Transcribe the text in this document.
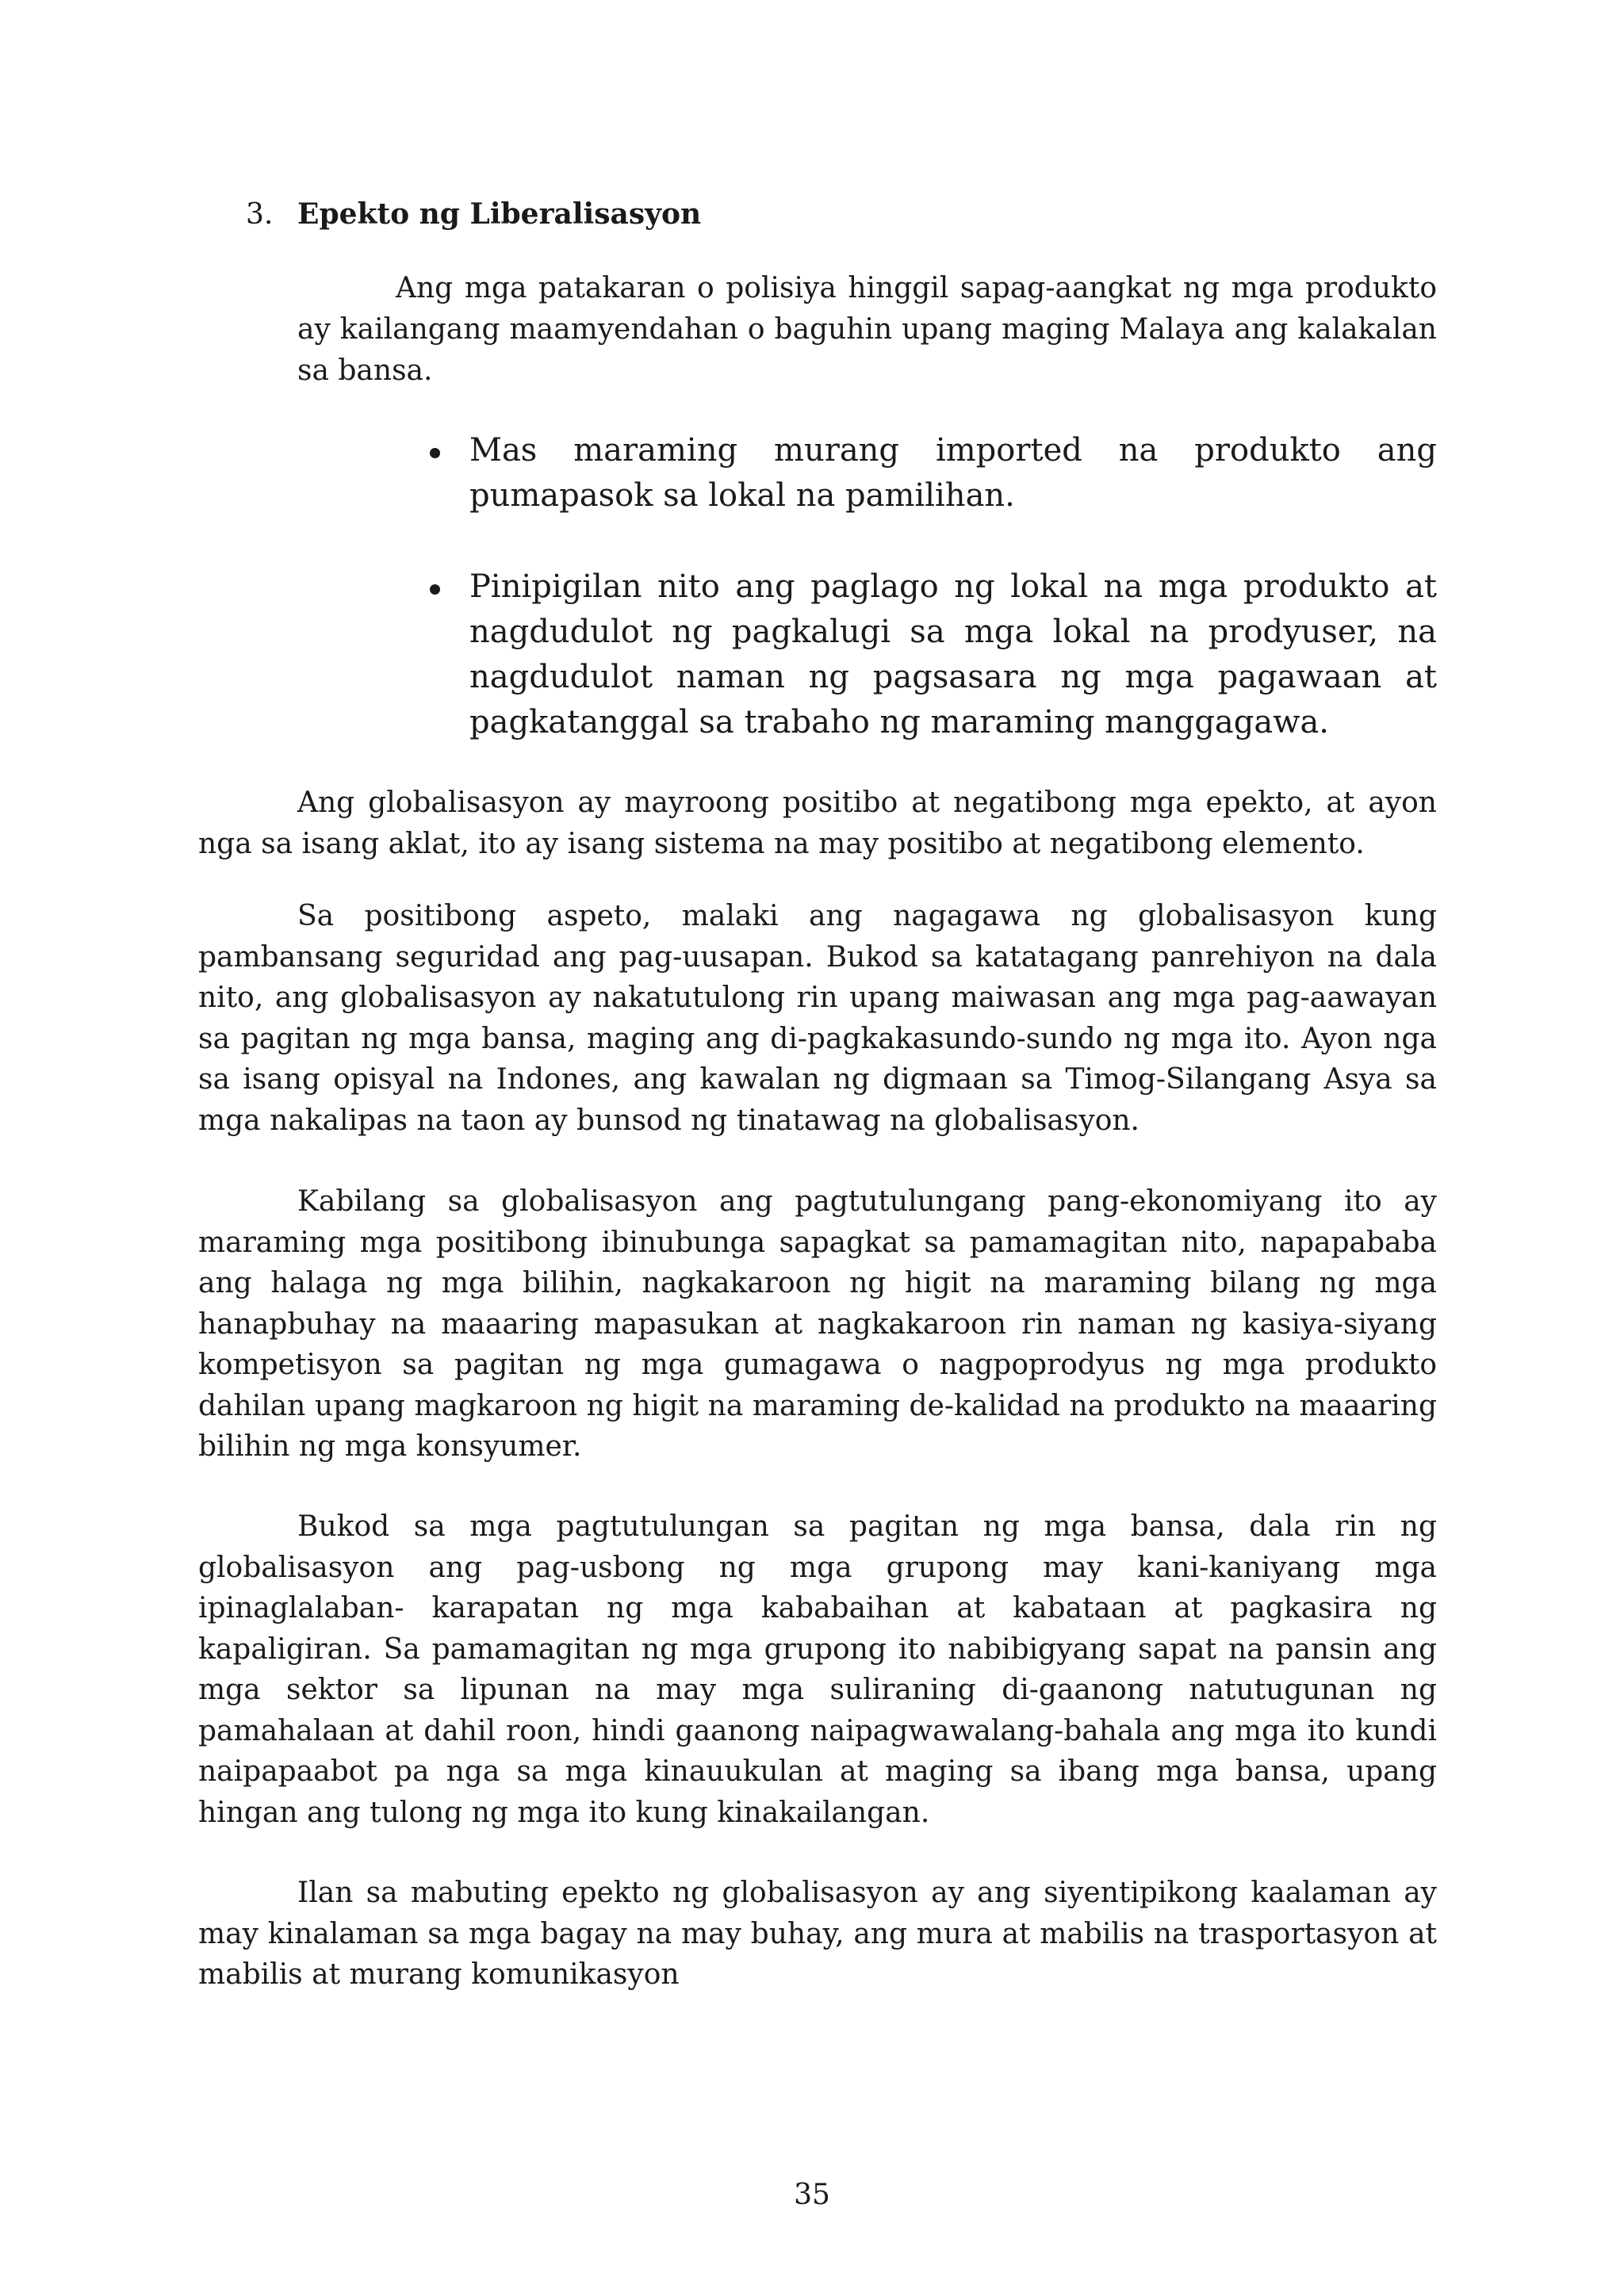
3. Epekto ng Liberalisasyon

Ang mga patakaran o polisiya hinggil sapag-aangkat ng mga produkto ay kailangang maamyendahan o baguhin upang maging Malaya ang kalakalan sa bansa.

Mas maraming murang imported na produkto ang pumapasok sa lokal na pamilihan.
Pinipigilan nito ang paglago ng lokal na mga produkto at nagdudulot ng pagkalugi sa mga lokal na prodyuser, na nagdudulot naman ng pagsasara ng mga pagawaan at pagkatanggal sa trabaho ng maraming manggagawa.

Ang globalisasyon ay mayroong positibo at negatibong mga epekto, at ayon nga sa isang aklat, ito ay isang sistema na may positibo at negatibong elemento.

Sa positibong aspeto, malaki ang nagagawa ng globalisasyon kung pambansang seguridad ang pag-uusapan. Bukod sa katatagang panrehiyon na dala nito, ang globalisasyon ay nakatutulong rin upang maiwasan ang mga pag-aawayan sa pagitan ng mga bansa, maging ang di-pagkakasundo-sundo ng mga ito. Ayon nga sa isang opisyal na Indones, ang kawalan ng digmaan sa Timog-Silangang Asya sa mga nakalipas na taon ay bunsod ng tinatawag na globalisasyon.

Kabilang sa globalisasyon ang pagtutulungang pang-ekonomiyang ito ay maraming mga positibong ibinubunga sapagkat sa pamamagitan nito, napapababa ang halaga ng mga bilihin, nagkakaroon ng higit na maraming bilang ng mga hanapbuhay na maaaring mapasukan at nagkakaroon rin naman ng kasiya-siyang kompetisyon sa pagitan ng mga gumagawa o nagpoprodyus ng mga produkto dahilan upang magkaroon ng higit na maraming de-kalidad na produkto na maaaring bilihin ng mga konsyumer.

Bukod sa mga pagtutulungan sa pagitan ng mga bansa, dala rin ng globalisasyon ang pag-usbong ng mga grupong may kani-kaniyang mga ipinaglalaban- karapatan ng mga kababaihan at kabataan at pagkasira ng kapaligiran. Sa pamamagitan ng mga grupong ito nabibigyang sapat na pansin ang mga sektor sa lipunan na may mga suliraning di-gaanong natutugunan ng pamahalaan at dahil roon, hindi gaanong naipagwawalang-bahala ang mga ito kundi naipapaabot pa nga sa mga kinauukulan at maging sa ibang mga bansa, upang hingan ang tulong ng mga ito kung kinakailangan.

Ilan sa mabuting epekto ng globalisasyon ay ang siyentipikong kaalaman ay may kinalaman sa mga bagay na may buhay, ang mura at mabilis na trasportasyon at mabilis at murang komunikasyon

35
